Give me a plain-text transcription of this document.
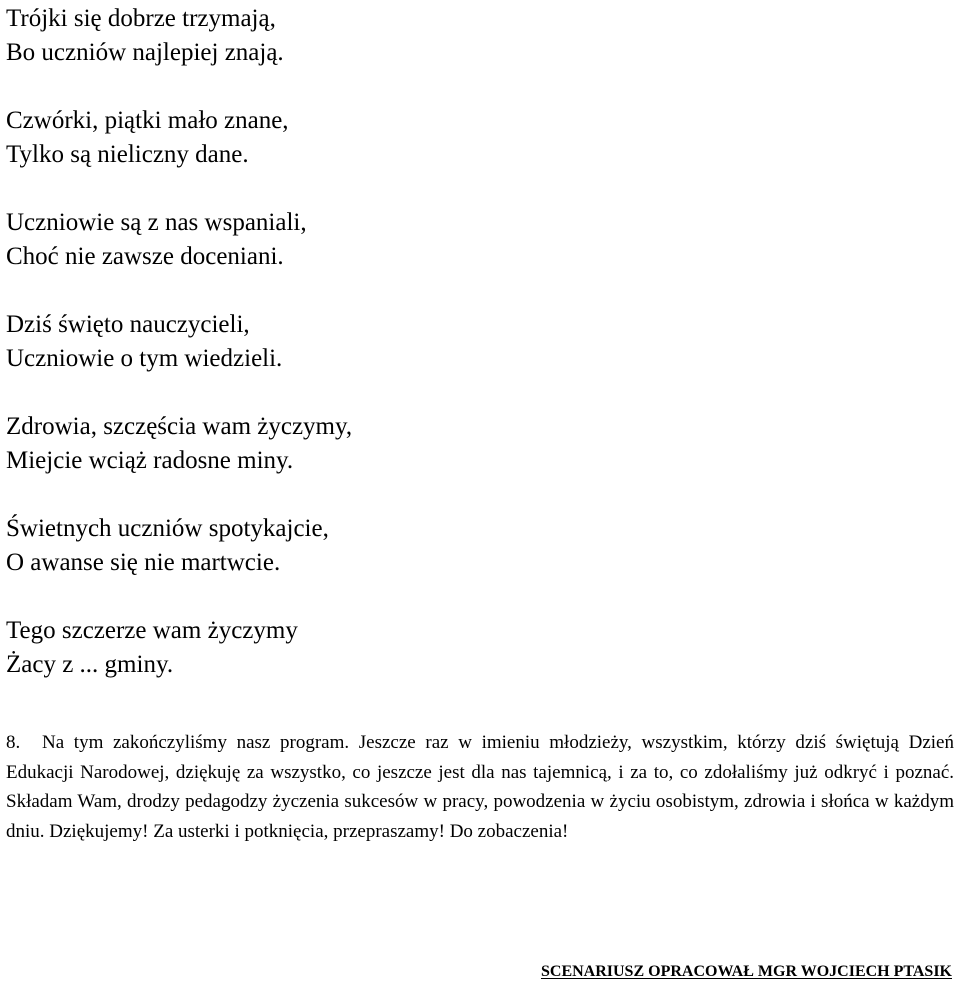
Trójki się dobrze trzymają,
Bo uczniów najlepiej znają.
Czwórki, piątki mało znane,
Tylko są nieliczny dane.
Uczniowie są z nas wspaniali,
Choć nie zawsze doceniani.
Dziś święto nauczycieli,
Uczniowie o tym wiedzieli.
Zdrowia, szczęścia wam życzymy,
Miejcie wciąż radosne miny.
Świetnych uczniów spotykajcie,
O awanse się nie martwcie.
Tego szczerze wam życzymy
Żacy z ... gminy.
8. Na tym zakończyliśmy nasz program. Jeszcze raz w imieniu młodzieży, wszystkim, którzy dziś świętują Dzień Edukacji Narodowej, dziękuję za wszystko, co jeszcze jest dla nas tajemnicą, i za to, co zdołaliśmy już odkryć i poznać. Składam Wam, drodzy pedagodzy życzenia sukcesów w pracy, powodzenia w życiu osobistym, zdrowia i słońca w każdym dniu. Dziękujemy! Za usterki i potknięcia, przepraszamy! Do zobaczenia!
SCENARIUSZ OPRACOWAŁ MGR WOJCIECH PTASIK
